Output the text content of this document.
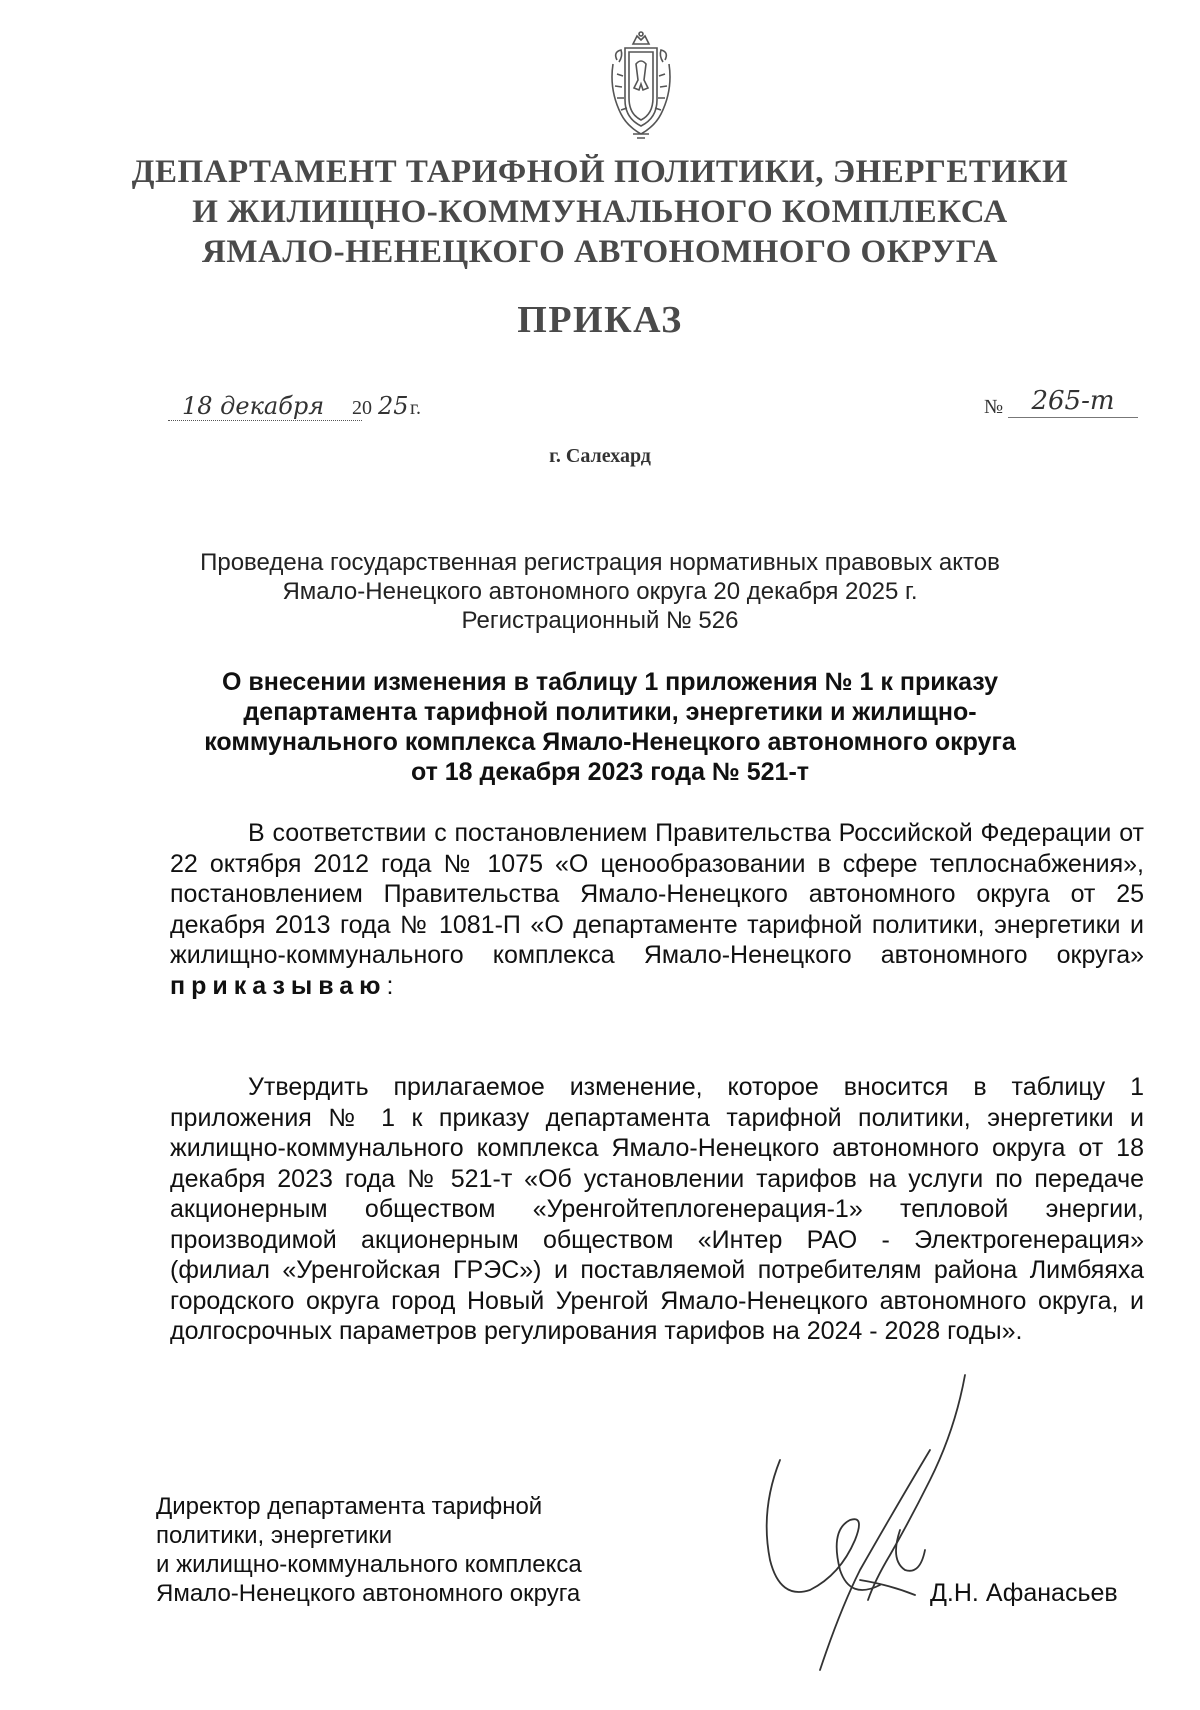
ДЕПАРТАМЕНТ ТАРИФНОЙ ПОЛИТИКИ, ЭНЕРГЕТИКИ
И ЖИЛИЩНО-КОММУНАЛЬНОГО КОМПЛЕКСА
ЯМАЛО-НЕНЕЦКОГО АВТОНОМНОГО ОКРУГА
ПРИКАЗ
18 декабря	20 25 г.	№	265-т
г. Салехард
Проведена государственная регистрация нормативных правовых актов
Ямало-Ненецкого автономного округа 20 декабря 2025 г.
Регистрационный № 526
О внесении изменения в таблицу 1 приложения № 1 к приказу
департамента тарифной политики, энергетики и жилищно-
коммунального комплекса Ямало-Ненецкого автономного округа
от 18 декабря 2023 года № 521-т

В соответствии с постановлением Правительства Российской Федерации от 22 октября 2012 года № 1075 «О ценообразовании в сфере теплоснабжения», постановлением Правительства Ямало-Ненецкого автономного округа от 25 декабря 2013 года № 1081-П «О департаменте тарифной политики, энергетики и жилищно-коммунального комплекса Ямало-Ненецкого автономного округа» приказываю:

Утвердить прилагаемое изменение, которое вносится в таблицу 1 приложения № 1 к приказу департамента тарифной политики, энергетики и жилищно-коммунального комплекса Ямало-Ненецкого автономного округа от 18 декабря 2023 года № 521-т «Об установлении тарифов на услуги по передаче акционерным обществом «Уренгойтеплогенерация-1» тепловой энергии, производимой акционерным обществом «Интер РАО - Электрогенерация» (филиал «Уренгойская ГРЭС») и поставляемой потребителям района Лимбяяха городского округа город Новый Уренгой Ямало-Ненецкого автономного округа, и долгосрочных параметров регулирования тарифов на 2024 - 2028 годы».

Директор департамента тарифной
политики, энергетики
и жилищно-коммунального комплекса
Ямало-Ненецкого автономного округа	Д.Н. Афанасьев
